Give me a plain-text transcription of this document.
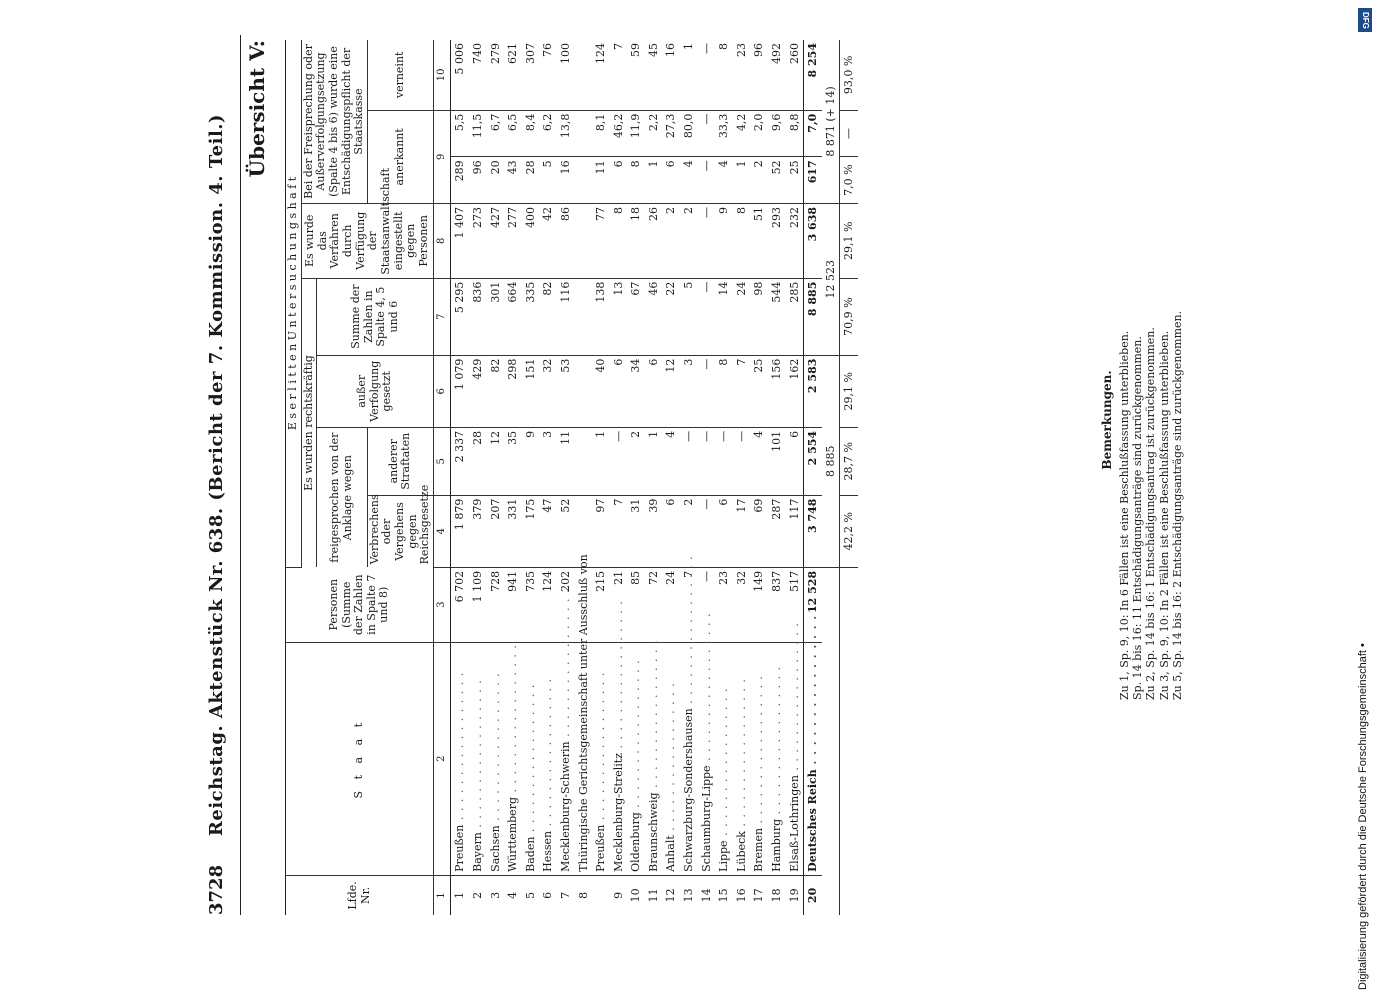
3728
Reichstag. Aktenstück Nr. 638. (Bericht der 7. Kommission. 4. Teil.)
Übersicht V:
Lfde. Nr.	S t a a t	Personen (Summe der Zahlen in Spalte 7 und 8)	E s e r l i t t e n U n t e r s u c h u n g s h a f t							
			Es wurden rechtskräftig				Es wurde das Verfahren durch Verfügung der Staatsanwaltschaft eingestellt gegen Personen	Bei der Freisprechung oder Außerverfolgungsetzung (Spalte 4 bis 6) wurde eine Entschädigungspflicht der Staatskasse		
			freigesprochen von der Anklage wegen		außer Verfolgung gesetzt	Summe der Zahlen in Spalte 4, 5 und 6				
			Verbrechens oder Vergehens gegen Reichsgesetze	anderer Straftaten				anerkannt		verneint
1	2	3	4	5	6	7	8	9		10
1	Preußen . . .	6 702	1 879	2 337	1 079	5 295	1 407	289	5,5	5 006
2	Bayern . . .	1 109	379	28	429	836	273	96	11,5	740
3	Sachsen . . .	728	207	12	82	301	427	20	6,7	279
4	Württemberg . . .	941	331	35	298	664	277	43	6,5	621
5	Baden . . .	735	175	9	151	335	400	28	8,4	307
6	Hessen . . .	124	47	3	32	82	42	5	6,2	76
7	Mecklenburg-Schwerin . . .	202	52	11	53	116	86	16	13,8	100
8	Thüringische Gerichtsgemeinschaft unter Ausschluß von									
	Preußen . . .	215	97	1	40	138	77	11	8,1	124
9	Mecklenburg-Strelitz . . .	21	7	—	6	13	8	6	46,2	7
10	Oldenburg . . .	85	31	2	34	67	18	8	11,9	59
11	Braunschweig . . .	72	39	1	6	46	26	1	2,2	45
12	Anhalt . . .	24	6	4	12	22	2	6	27,3	16
13	Schwarzburg-Sondershausen . . .	7	2	—	3	5	2	4	80,0	1
14	Schaumburg-Lippe . . .	—	—	—	—	—	—	—	—	—
15	Lippe . . .	23	6	—	8	14	9	4	33,3	8
16	Lübeck . . .	32	17	—	7	24	8	1	4,2	23
17	Bremen . . .	149	69	4	25	98	51	2	2,0	96
18	Hamburg . . .	837	287	101	156	544	293	52	9,6	492
19	Elsaß-Lothringen . . .	517	117	6	162	285	232	25	8,8	260
20	Deutsches Reich . . .	12 528	3 748	2 554	2 583	8 885	3 638	617	7,0	8 254
			8 885			12 523		8 871 (+ 14)		
			42,2 %	28,7 %	29,1 %	70,9 %	29,1 %	7,0 %	—	93,0 %
Bemerkungen. Zu 1, Sp. 9, 10: In 6 Fällen ist eine Beschlußfassung unterblieben. Sp. 14 bis 16: 11 Entschädigungsanträge sind zurückgenommen. Zu 2, Sp. 14 bis 16: 1 Entschädigungsantrag ist zurückgenommen. Zu 3, Sp. 9, 10: In 2 Fällen ist eine Beschlußfassung unterblieben. Zu 5, Sp. 14 bis 16: 2 Entschädigungsanträge sind zurückgenommen.
Digitalisierung gefördert durch die Deutsche Forschungsgemeinschaft •
DFG
